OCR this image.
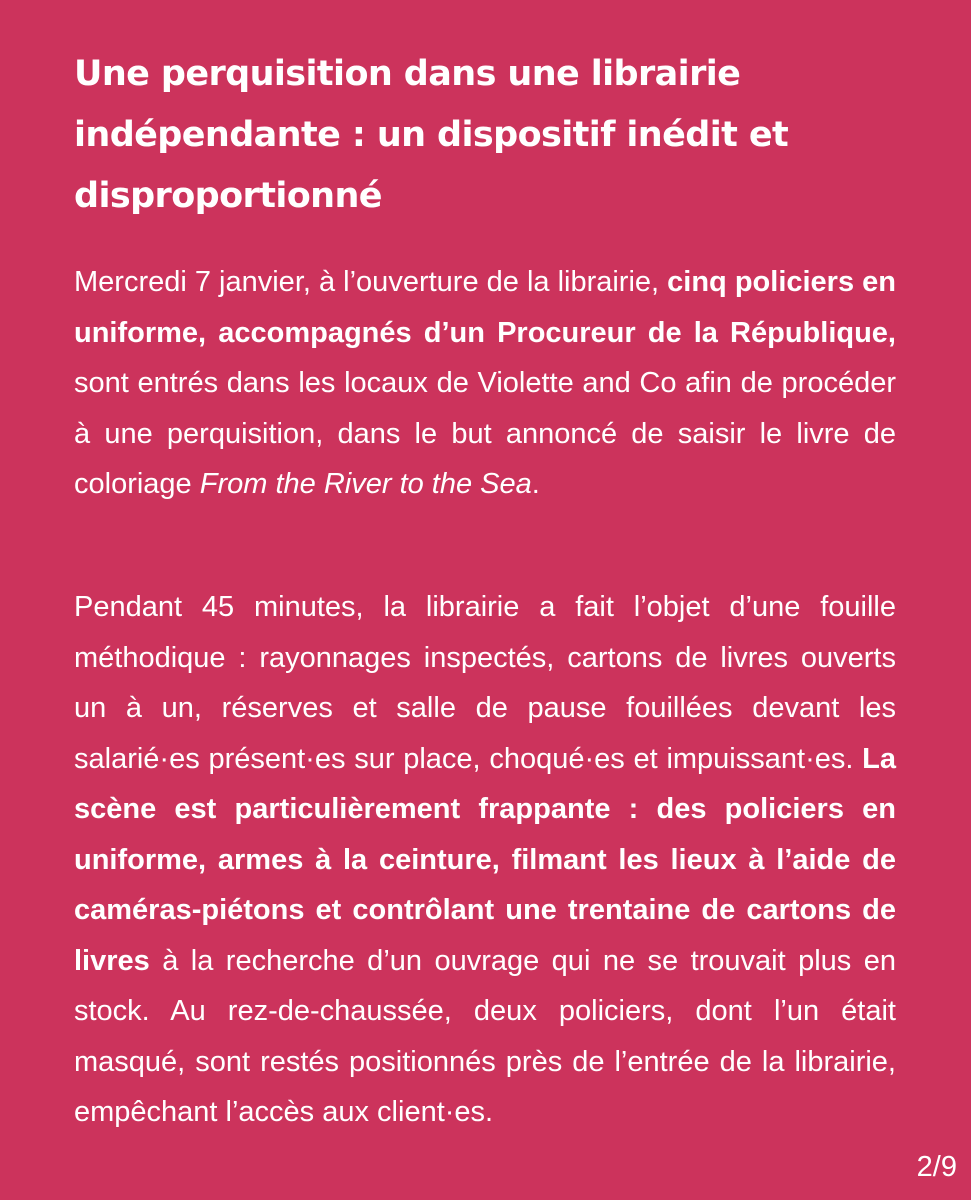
Une perquisition dans une librairie indépendante : un dispositif inédit et disproportionné

Mercredi 7 janvier, à l’ouverture de la librairie, cinq policiers en uniforme, accompagnés d’un Procureur de la République, sont entrés dans les locaux de Violette and Co afin de procéder à une perquisition, dans le but annoncé de saisir le livre de coloriage From the River to the Sea.

Pendant 45 minutes, la librairie a fait l’objet d’une fouille méthodique : rayonnages inspectés, cartons de livres ouverts un à un, réserves et salle de pause fouillées devant les salarié·es présent·es sur place, choqué·es et impuissant·es. La scène est particulièrement frappante : des policiers en uniforme, armes à la ceinture, filmant les lieux à l’aide de caméras-piétons et contrôlant une trentaine de cartons de livres à la recherche d’un ouvrage qui ne se trouvait plus en stock. Au rez-de-chaussée, deux policiers, dont l’un était masqué, sont restés positionnés près de l’entrée de la librairie, empêchant l’accès aux client·es.

2/9
